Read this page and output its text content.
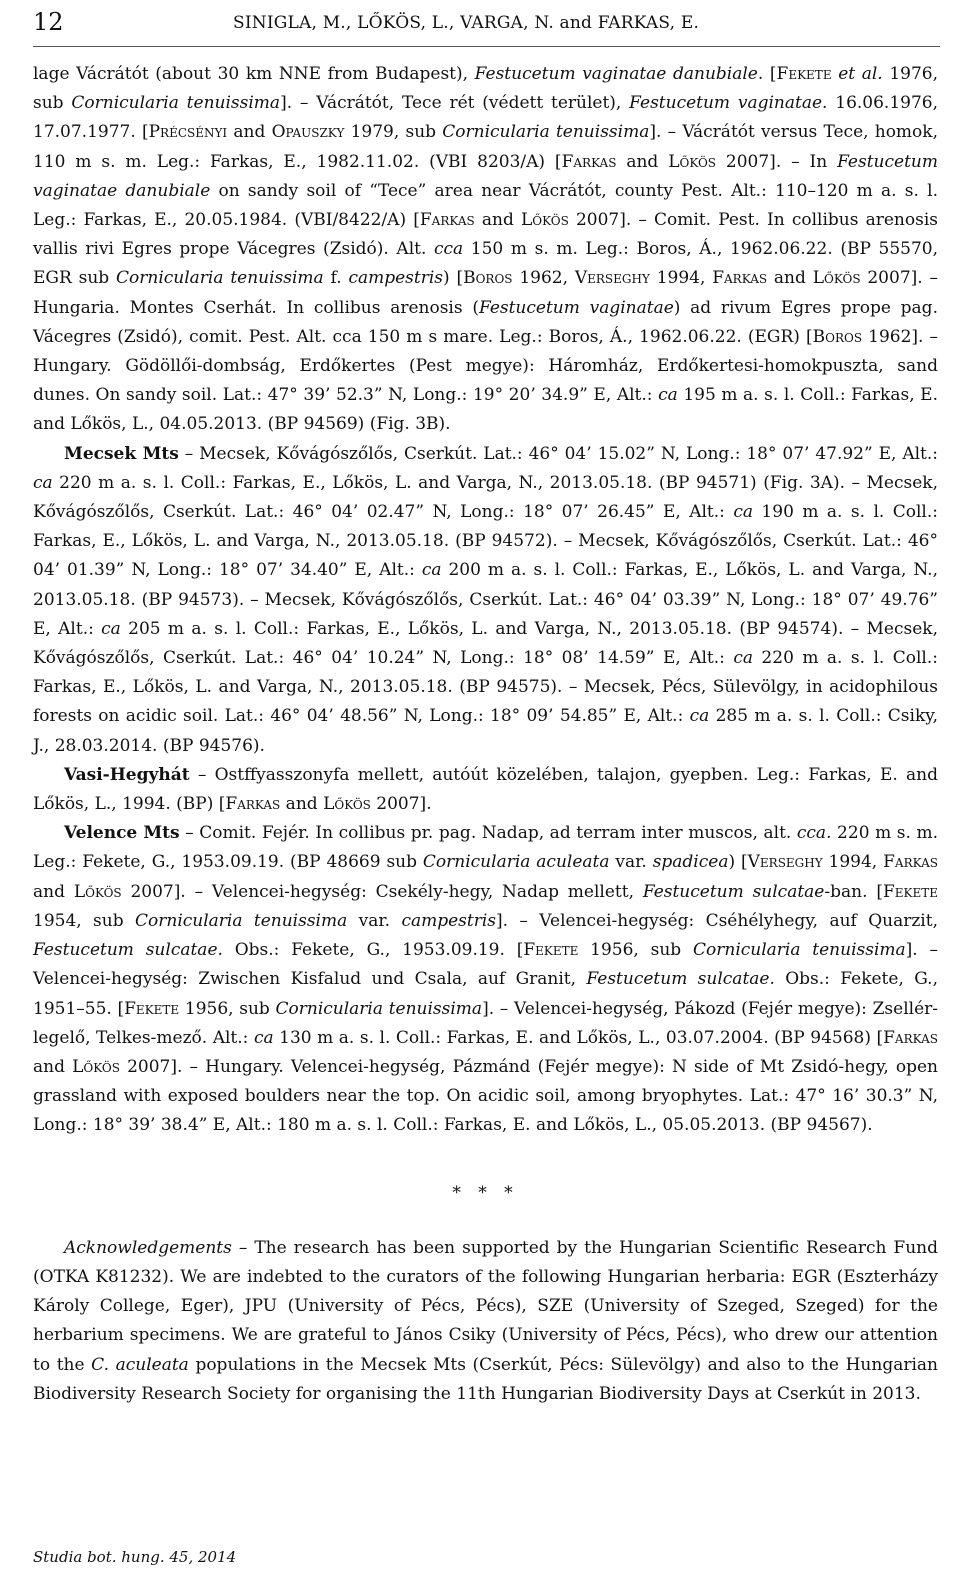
12	SINIGLA, M., LŐKÖS, L., VARGA, N. and FARKAS, E.

lage Vácrátót (about 30 km NNE from Budapest), Festucetum vaginatae danubiale. [Fekete et al. 1976, sub Cornicularia tenuissima]. – Vácrátót, Tece rét (védett terület), Festucetum vaginatae. 16.06.1976, 17.07.1977. [Précsényi and Opauszky 1979, sub Cornicularia tenuissima]. – Vácrátót versus Tece, homok, 110 m s. m. Leg.: Farkas, E., 1982.11.02. (VBI 8203/A) [Farkas and Lőkös 2007]. – In Festucetum vaginatae danubiale on sandy soil of “Tece” area near Vácrátót, county Pest. Alt.: 110–120 m a. s. l. Leg.: Farkas, E., 20.05.1984. (VBI/8422/A) [Farkas and Lőkös 2007]. – Comit. Pest. In collibus arenosis vallis rivi Egres prope Vácegres (Zsidó). Alt. cca 150 m s. m. Leg.: Boros, Á., 1962.06.22. (BP 55570, EGR sub Cornicularia tenuissima f. campestris) [Boros 1962, Verseghy 1994, Farkas and Lőkös 2007]. – Hungaria. Montes Cserhát. In collibus arenosis (Festucetum vaginatae) ad rivum Egres prope pag. Vácegres (Zsidó), comit. Pest. Alt. cca 150 m s mare. Leg.: Boros, Á., 1962.06.22. (EGR) [Boros 1962]. – Hungary. Gödöllői-dombság, Erdőkertes (Pest megye): Háromház, Erdőkertesi-homokpuszta, sand dunes. On sandy soil. Lat.: 47° 39’ 52.3” N, Long.: 19° 20’ 34.9” E, Alt.: ca 195 m a. s. l. Coll.: Farkas, E. and Lőkös, L., 04.05.2013. (BP 94569) (Fig. 3B).

Mecsek Mts – Mecsek, Kővágószőlős, Cserkút. Lat.: 46° 04’ 15.02” N, Long.: 18° 07’ 47.92” E, Alt.: ca 220 m a. s. l. Coll.: Farkas, E., Lőkös, L. and Varga, N., 2013.05.18. (BP 94571) (Fig. 3A). – Mecsek, Kővágószőlős, Cserkút. Lat.: 46° 04’ 02.47” N, Long.: 18° 07’ 26.45” E, Alt.: ca 190 m a. s. l. Coll.: Farkas, E., Lőkös, L. and Varga, N., 2013.05.18. (BP 94572). – Mecsek, Kővágószőlős, Cserkút. Lat.: 46° 04’ 01.39” N, Long.: 18° 07’ 34.40” E, Alt.: ca 200 m a. s. l. Coll.: Farkas, E., Lőkös, L. and Varga, N., 2013.05.18. (BP 94573). – Mecsek, Kővágószőlős, Cserkút. Lat.: 46° 04’ 03.39” N, Long.: 18° 07’ 49.76” E, Alt.: ca 205 m a. s. l. Coll.: Farkas, E., Lőkös, L. and Varga, N., 2013.05.18. (BP 94574). – Mecsek, Kővágószőlős, Cserkút. Lat.: 46° 04’ 10.24” N, Long.: 18° 08’ 14.59” E, Alt.: ca 220 m a. s. l. Coll.: Farkas, E., Lőkös, L. and Varga, N., 2013.05.18. (BP 94575). – Mecsek, Pécs, Sülevölgy, in acidophilous forests on acidic soil. Lat.: 46° 04’ 48.56” N, Long.: 18° 09’ 54.85” E, Alt.: ca 285 m a. s. l. Coll.: Csiky, J., 28.03.2014. (BP 94576).

Vasi-Hegyhát – Ostffyasszonyfa mellett, autóút közelében, talajon, gyepben. Leg.: Farkas, E. and Lőkös, L., 1994. (BP) [Farkas and Lőkös 2007].

Velence Mts – Comit. Fejér. In collibus pr. pag. Nadap, ad terram inter muscos, alt. cca. 220 m s. m. Leg.: Fekete, G., 1953.09.19. (BP 48669 sub Cornicularia aculeata var. spadicea) [Verseghy 1994, Farkas and Lőkös 2007]. – Velencei-hegység: Csekély-hegy, Nadap mellett, Festucetum sulcatae-ban. [Fekete 1954, sub Cornicularia tenuissima var. campestris]. – Velencei-hegység: Cséhélyhegy, auf Quarzit, Festucetum sulcatae. Obs.: Fekete, G., 1953.09.19. [Fekete 1956, sub Cornicularia tenuissima]. – Velencei-hegység: Zwischen Kisfalud und Csala, auf Granit, Festucetum sulcatae. Obs.: Fekete, G., 1951–55. [Fekete 1956, sub Cornicularia tenuissima]. – Velencei-hegység, Pákozd (Fejér megye): Zsellér-legelő, Telkes-mező. Alt.: ca 130 m a. s. l. Coll.: Farkas, E. and Lőkös, L., 03.07.2004. (BP 94568) [Farkas and Lőkös 2007]. – Hungary. Velencei-hegység, Pázmánd (Fejér megye): N side of Mt Zsidó-hegy, open grassland with exposed boulders near the top. On acidic soil, among bryophytes. Lat.: 47° 16’ 30.3” N, Long.: 18° 39’ 38.4” E, Alt.: 180 m a. s. l. Coll.: Farkas, E. and Lőkös, L., 05.05.2013. (BP 94567).

* * *

Acknowledgements – The research has been supported by the Hungarian Scientific Research Fund (OTKA K81232). We are indebted to the curators of the following Hungarian herbaria: EGR (Eszterházy Károly College, Eger), JPU (University of Pécs, Pécs), SZE (University of Szeged, Szeged) for the herbarium specimens. We are grateful to János Csiky (University of Pécs, Pécs), who drew our attention to the C. aculeata populations in the Mecsek Mts (Cserkút, Pécs: Sülevölgy) and also to the Hungarian Biodiversity Research Society for organising the 11th Hungarian Biodiversity Days at Cserkút in 2013.

Studia bot. hung. 45, 2014
